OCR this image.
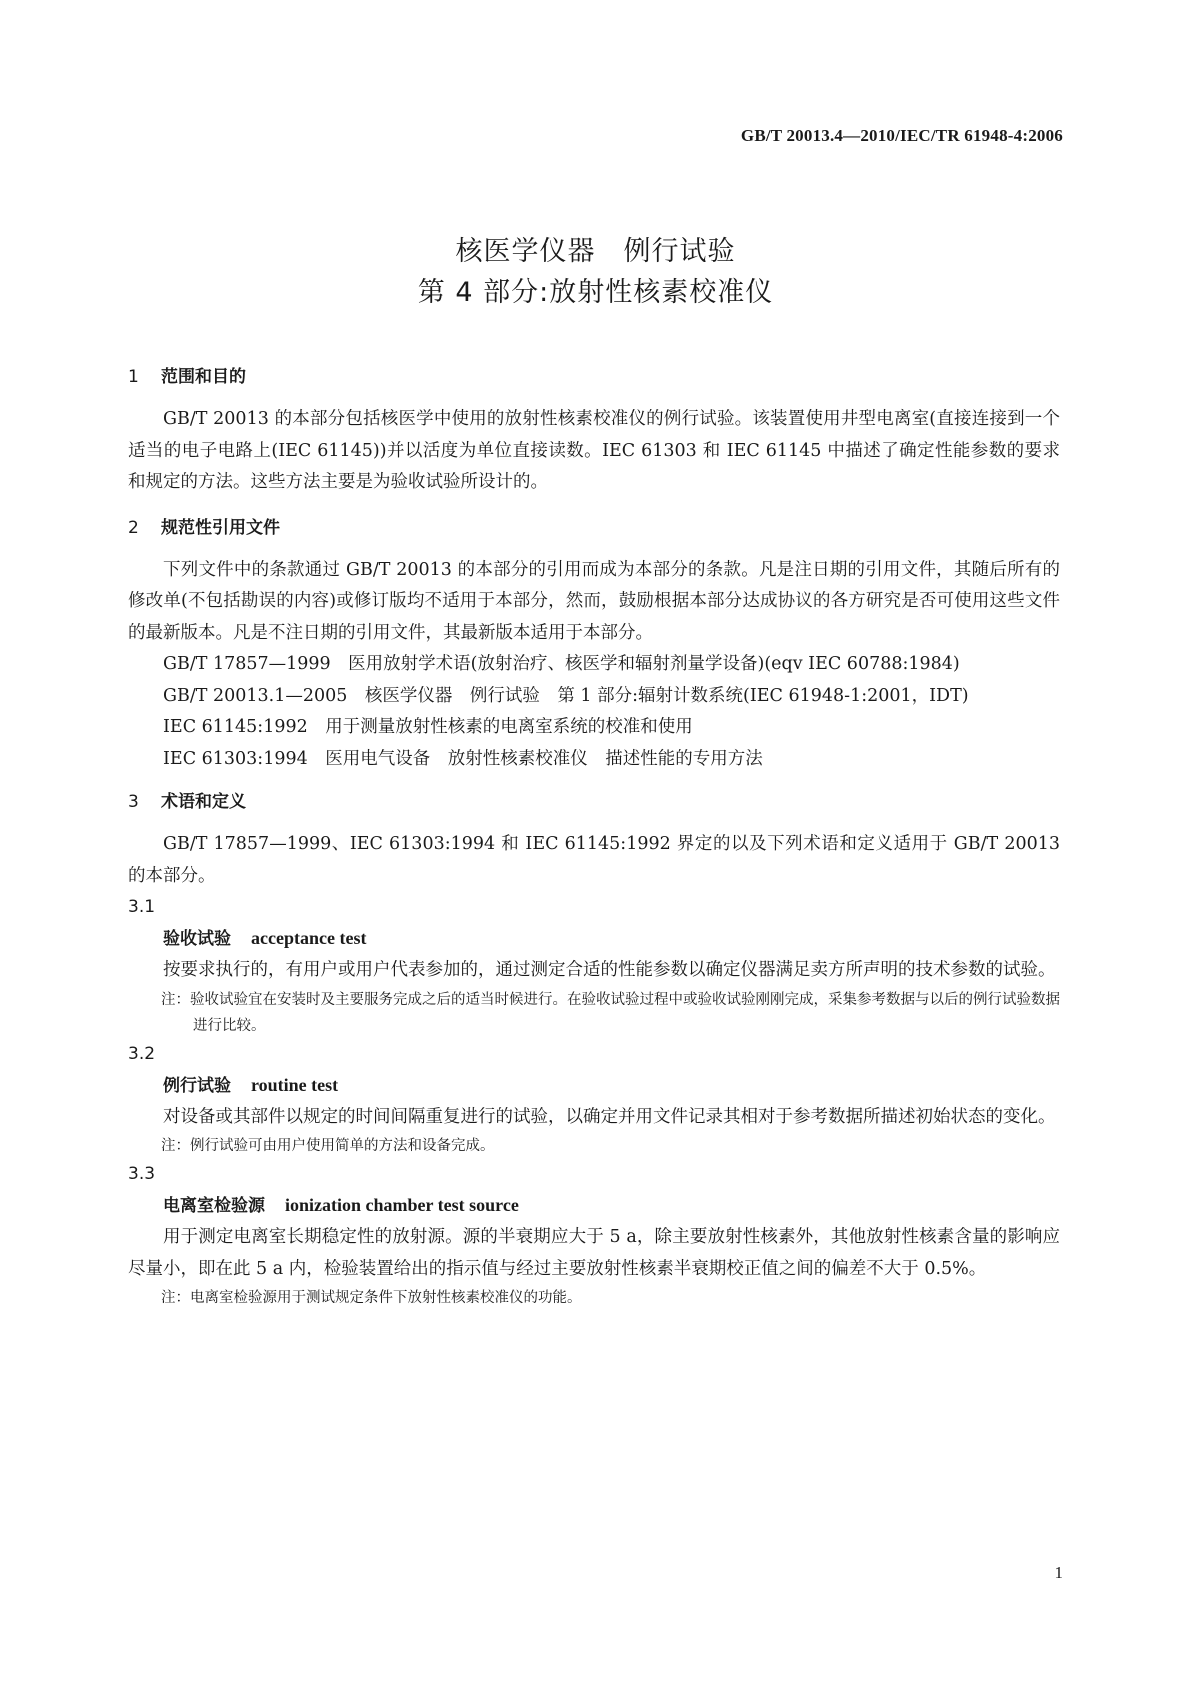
GB/T 20013.4—2010/IEC/TR 61948-4:2006
核医学仪器　例行试验
第 4 部分:放射性核素校准仪
1 范围和目的

GB/T 20013 的本部分包括核医学中使用的放射性核素校准仪的例行试验。该装置使用井型电离室(直接连接到一个适当的电子电路上(IEC 61145))并以活度为单位直接读数。IEC 61303 和 IEC 61145 中描述了确定性能参数的要求和规定的方法。这些方法主要是为验收试验所设计的。

2 规范性引用文件

下列文件中的条款通过 GB/T 20013 的本部分的引用而成为本部分的条款。凡是注日期的引用文件，其随后所有的修改单(不包括勘误的内容)或修订版均不适用于本部分，然而，鼓励根据本部分达成协议的各方研究是否可使用这些文件的最新版本。凡是不注日期的引用文件，其最新版本适用于本部分。

GB/T 17857—1999　医用放射学术语(放射治疗、核医学和辐射剂量学设备)(eqv IEC 60788:1984)

GB/T 20013.1—2005　核医学仪器　例行试验　第 1 部分:辐射计数系统(IEC 61948-1:2001，IDT)

IEC 61145:1992　用于测量放射性核素的电离室系统的校准和使用

IEC 61303:1994　医用电气设备　放射性核素校准仪　描述性能的专用方法

3 术语和定义

GB/T 17857—1999、IEC 61303:1994 和 IEC 61145:1992 界定的以及下列术语和定义适用于 GB/T 20013 的本部分。

3.1
验收试验 acceptance test

按要求执行的，有用户或用户代表参加的，通过测定合适的性能参数以确定仪器满足卖方所声明的技术参数的试验。

注：验收试验宜在安装时及主要服务完成之后的适当时候进行。在验收试验过程中或验收试验刚刚完成，采集参考数据与以后的例行试验数据进行比较。

3.2
例行试验 routine test

对设备或其部件以规定的时间间隔重复进行的试验，以确定并用文件记录其相对于参考数据所描述初始状态的变化。

注：例行试验可由用户使用简单的方法和设备完成。

3.3
电离室检验源 ionization chamber test source

用于测定电离室长期稳定性的放射源。源的半衰期应大于 5 a，除主要放射性核素外，其他放射性核素含量的影响应尽量小，即在此 5 a 内，检验装置给出的指示值与经过主要放射性核素半衰期校正值之间的偏差不大于 0.5%。

注：电离室检验源用于测试规定条件下放射性核素校准仪的功能。

1
